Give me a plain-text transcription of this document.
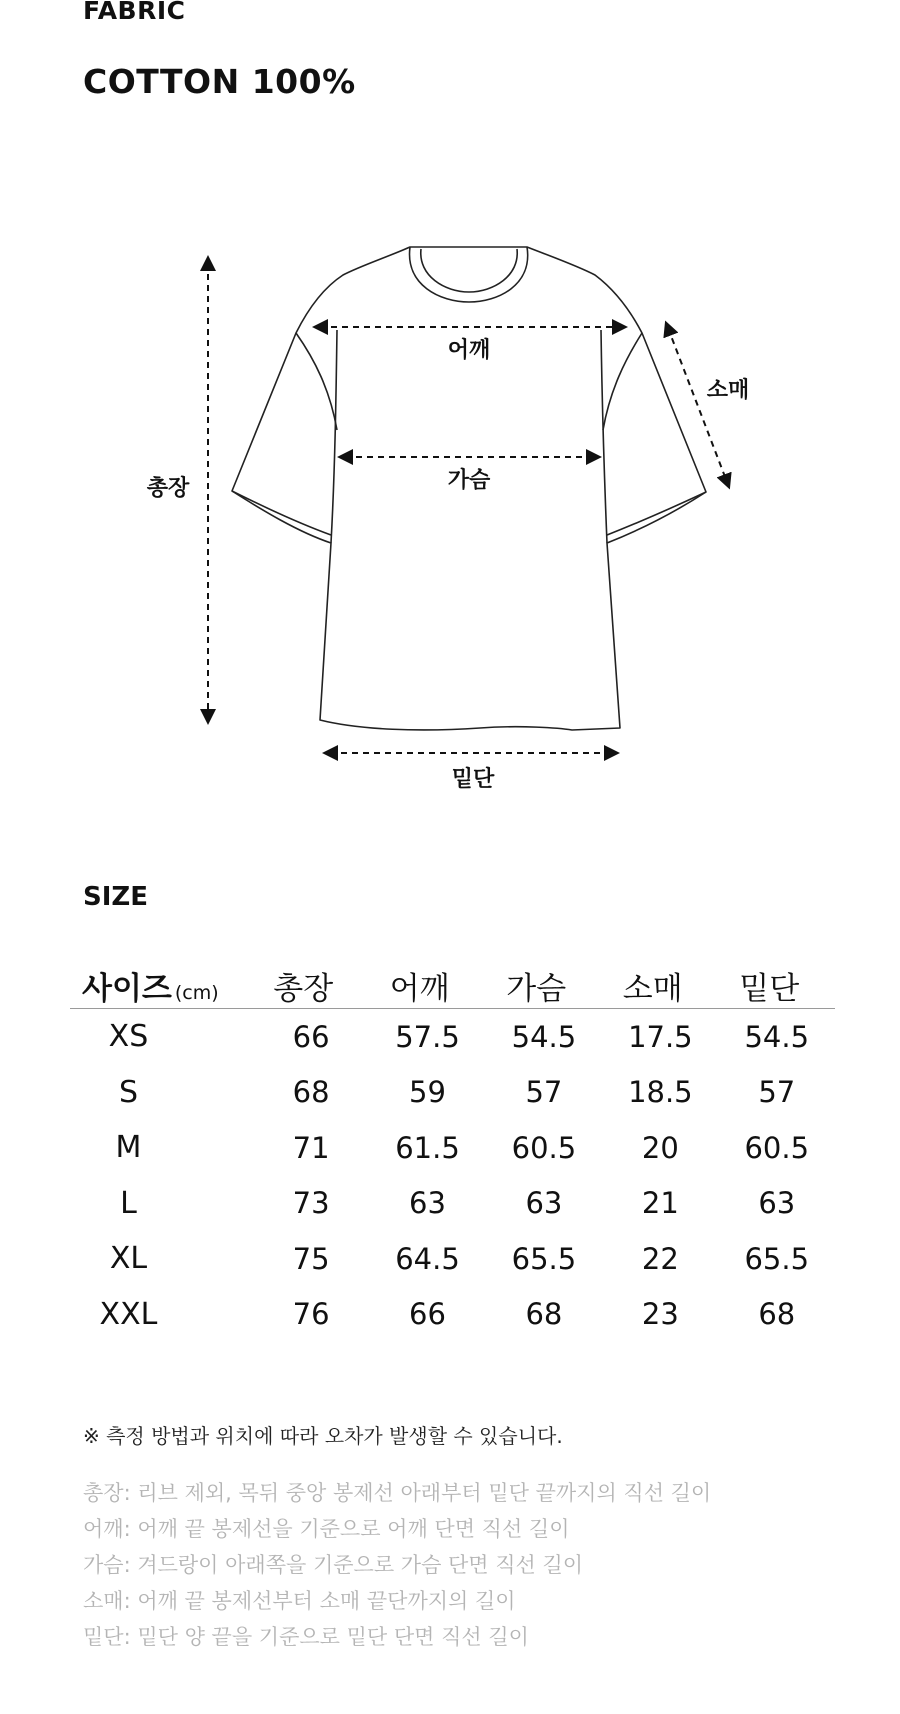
FABRIC
COTTON 100%
어깨
가슴
소매
총장
밑단
SIZE
사이즈 (cm)	총장	어깨	가슴	소매	밑단
XS	66	57.5	54.5	17.5	54.5
S	68	59	57	18.5	57
M	71	61.5	60.5	20	60.5
L	73	63	63	21	63
XL	75	64.5	65.5	22	65.5
XXL	76	66	68	23	68
※ 측정 방법과 위치에 따라 오차가 발생할 수 있습니다.
총장: 리브 제외, 목뒤 중앙 봉제선 아래부터 밑단 끝까지의 직선 길이
어깨: 어깨 끝 봉제선을 기준으로 어깨 단면 직선 길이
가슴: 겨드랑이 아래쪽을 기준으로 가슴 단면 직선 길이
소매: 어깨 끝 봉제선부터 소매 끝단까지의 길이
밑단: 밑단 양 끝을 기준으로 밑단 단면 직선 길이
